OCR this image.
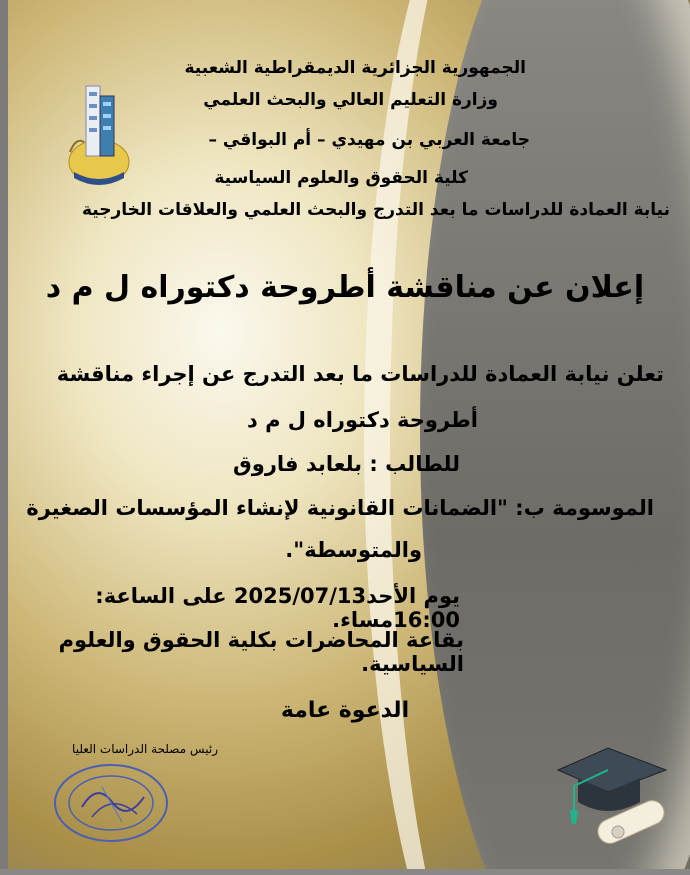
الجمهورية الجزائرية الديمقراطية الشعبية
وزارة التعليم العالي والبحث العلمي
جامعة العربي بن مهيدي – أم البواقي –
كلية الحقوق والعلوم السياسية
نيابة العمادة للدراسات ما بعد التدرج والبحث العلمي والعلاقات الخارجية
إعلان عن مناقشة أطروحة دكتوراه ل م د
تعلن نيابة العمادة للدراسات ما بعد التدرج عن إجراء مناقشة
أطروحة دكتوراه ل م د
للطالب : بلعابد فاروق
الموسومة ب: "الضمانات القانونية لإنشاء المؤسسات الصغيرة
والمتوسطة".
يوم الأحد2025/07/13 على الساعة: 16:00مساء.
بقاعة المحاضرات بكلية الحقوق والعلوم السياسية.
الدعوة عامة
رئيس مصلحة الدراسات العليا
